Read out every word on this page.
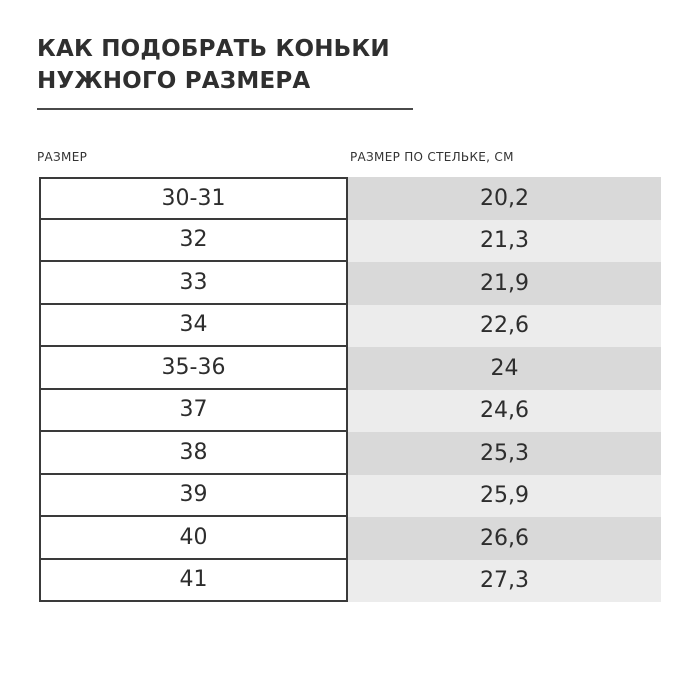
КАК ПОДОБРАТЬ КОНЬКИ
НУЖНОГО РАЗМЕРА
РАЗМЕР	РАЗМЕР ПО СТЕЛЬКЕ, СМ
30-31	20,2
32	21,3
33	21,9
34	22,6
35-36	24
37	24,6
38	25,3
39	25,9
40	26,6
41	27,3
